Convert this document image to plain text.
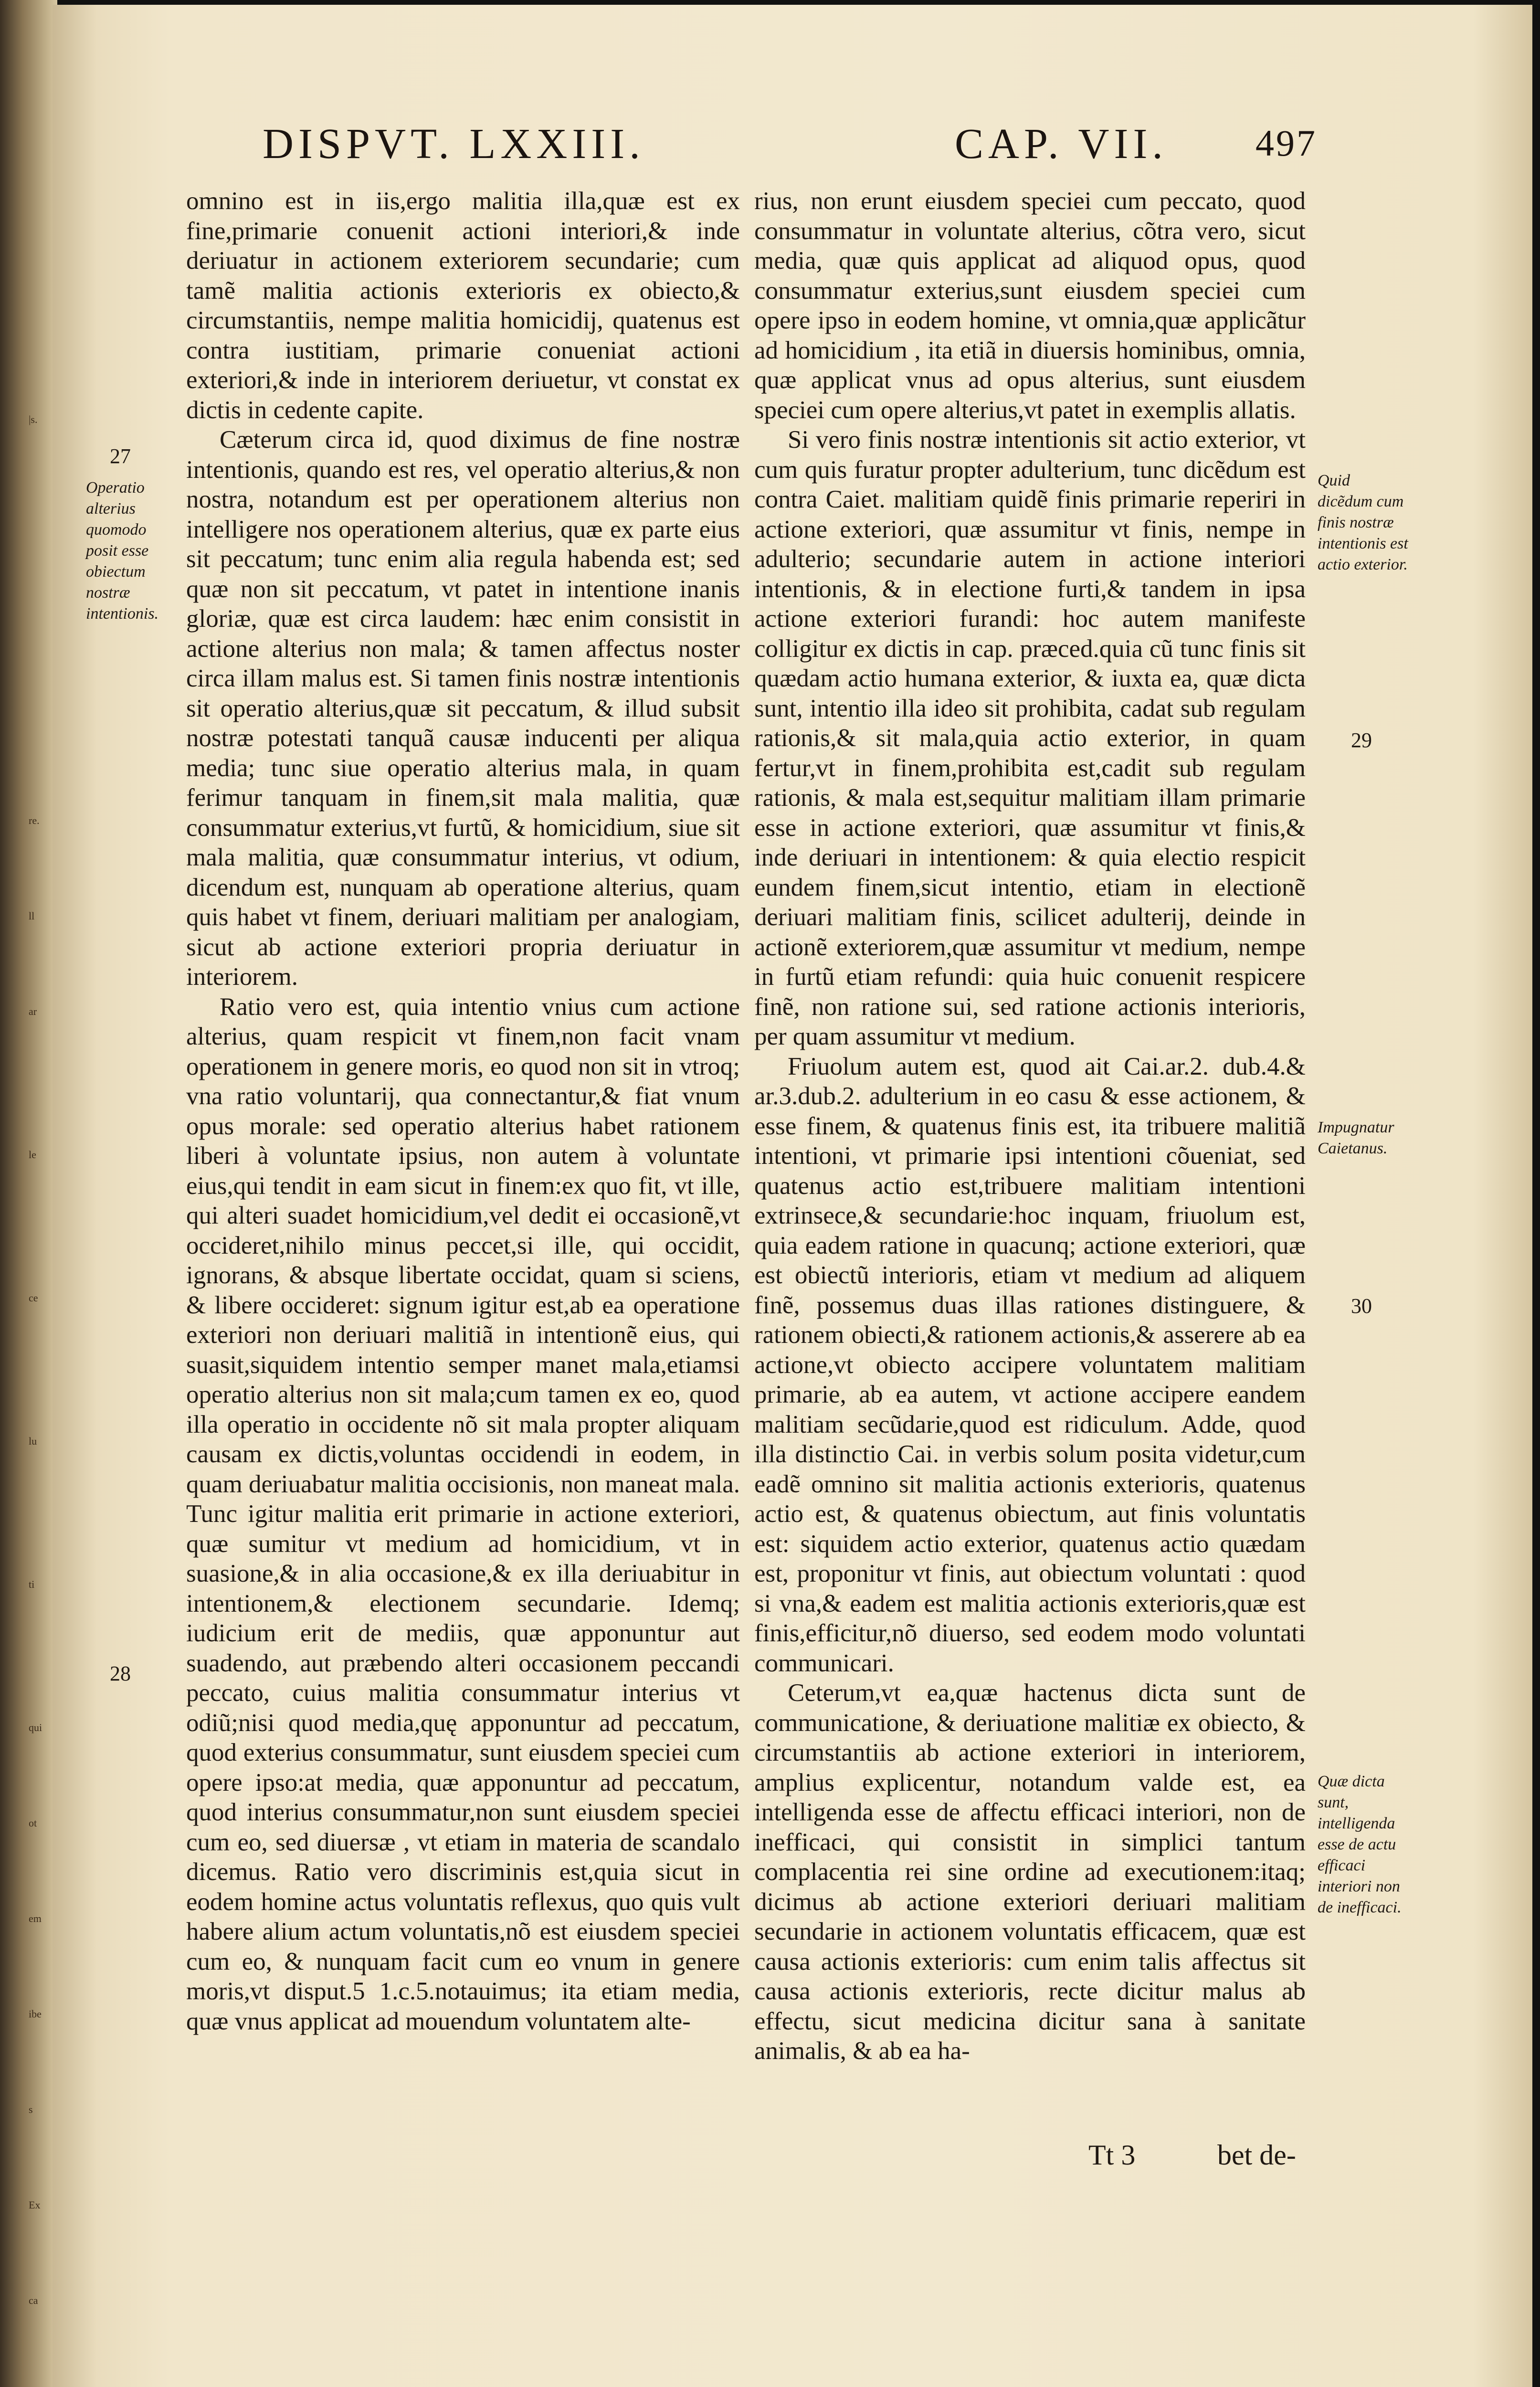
|s.
re.
ll
ar
le
ce
lu
ti
qui
ot
em
ibe
s
Ex
ca
DISPVT. LXXIII.	CAP. VII. 497

omnino est in iis,ergo malitia illa,quæ est ex fine,primarie conuenit actioni interiori,& inde deriuatur in actionem exteriorem secundarie; cum tamẽ malitia actionis exterioris ex obiecto,& circumstantiis, nempe malitia homicidij, quatenus est contra iustitiam, primarie conueniat actioni exteriori,& inde in interiorem deriuetur, vt constat ex dictis in cedente capite.

Cæterum circa id, quod diximus de fine nostræ intentionis, quando est res, vel operatio alterius,& non nostra, notandum est per operationem alterius non intelligere nos operationem alterius, quæ ex parte eius sit peccatum; tunc enim alia regula habenda est; sed quæ non sit peccatum, vt patet in intentione inanis gloriæ, quæ est circa laudem: hæc enim consistit in actione alterius non mala; & tamen affectus noster circa illam malus est. Si tamen finis nostræ intentionis sit operatio alterius,quæ sit peccatum, & illud subsit nostræ potestati tanquã causæ inducenti per aliqua media; tunc siue operatio alterius mala, in quam ferimur tanquam in finem,sit mala malitia, quæ consummatur exterius,vt furtũ, & homicidium, siue sit mala malitia, quæ consummatur interius, vt odium, dicendum est, nunquam ab operatione alterius, quam quis habet vt finem, deriuari malitiam per analogiam, sicut ab actione exteriori propria deriuatur in interiorem.

Ratio vero est, quia intentio vnius cum actione alterius, quam respicit vt finem,non facit vnam operationem in genere moris, eo quod non sit in vtroq; vna ratio voluntarij, qua connectantur,& fiat vnum opus morale: sed operatio alterius habet rationem liberi à voluntate ipsius, non autem à voluntate eius,qui tendit in eam sicut in finem:ex quo fit, vt ille, qui alteri suadet homicidium,vel dedit ei occasionẽ,vt occideret,nihilo minus peccet,si ille, qui occidit, ignorans, & absque libertate occidat, quam si sciens, & libere occideret: signum igitur est,ab ea operatione exteriori non deriuari malitiã in intentionẽ eius, qui suasit,siquidem intentio semper manet mala,etiamsi operatio alterius non sit mala;cum tamen ex eo, quod illa operatio in occidente nõ sit mala propter aliquam causam ex dictis,voluntas occidendi in eodem, in quam deriuabatur malitia occisionis, non maneat mala. Tunc igitur malitia erit primarie in actione exteriori, quæ sumitur vt medium ad homicidium, vt in suasione,& in alia occasione,& ex illa deriuabitur in intentionem,& electionem secundarie. Idemq; iudicium erit de mediis, quæ apponuntur aut suadendo, aut præbendo alteri occasionem peccandi peccato, cuius malitia consummatur interius vt odiũ;nisi quod media,quę apponuntur ad peccatum, quod exterius consummatur, sunt eiusdem speciei cum opere ipso:at media, quæ apponuntur ad peccatum, quod interius consummatur,non sunt eiusdem speciei cum eo, sed diuersæ , vt etiam in materia de scandalo dicemus. Ratio vero discriminis est,quia sicut in eodem homine actus voluntatis reflexus, quo quis vult habere alium actum voluntatis,nõ est eiusdem speciei cum eo, & nunquam facit cum eo vnum in genere moris,vt disput.5 1.c.5.notauimus; ita etiam media, quæ vnus applicat ad mouendum voluntatem alte-

rius, non erunt eiusdem speciei cum peccato, quod consummatur in voluntate alterius, cõtra vero, sicut media, quæ quis applicat ad aliquod opus, quod consummatur exterius,sunt eiusdem speciei cum opere ipso in eodem homine, vt omnia,quæ applicãtur ad homicidium , ita etiã in diuersis hominibus, omnia, quæ applicat vnus ad opus alterius, sunt eiusdem speciei cum opere alterius,vt patet in exemplis allatis.

Si vero finis nostræ intentionis sit actio exterior, vt cum quis furatur propter adulterium, tunc dicẽdum est contra Caiet. malitiam quidẽ finis primarie reperiri in actione exteriori, quæ assumitur vt finis, nempe in adulterio; secundarie autem in actione interiori intentionis, & in electione furti,& tandem in ipsa actione exteriori furandi: hoc autem manifeste colligitur ex dictis in cap. præced.quia cũ tunc finis sit quædam actio humana exterior, & iuxta ea, quæ dicta sunt, intentio illa ideo sit prohibita, cadat sub regulam rationis,& sit mala,quia actio exterior, in quam fertur,vt in finem,prohibita est,cadit sub regulam rationis, & mala est,sequitur malitiam illam primarie esse in actione exteriori, quæ assumitur vt finis,& inde deriuari in intentionem: & quia electio respicit eundem finem,sicut intentio, etiam in electionẽ deriuari malitiam finis, scilicet adulterij, deinde in actionẽ exteriorem,quæ assumitur vt medium, nempe in furtũ etiam refundi: quia huic conuenit respicere finẽ, non ratione sui, sed ratione actionis interioris, per quam assumitur vt medium.

Friuolum autem est, quod ait Cai.ar.2. dub.4.& ar.3.dub.2. adulterium in eo casu & esse actionem, & esse finem, & quatenus finis est, ita tribuere malitiã intentioni, vt primarie ipsi intentioni cõueniat, sed quatenus actio est,tribuere malitiam intentioni extrinsece,& secundarie:hoc inquam, friuolum est, quia eadem ratione in quacunq; actione exteriori, quæ est obiectũ interioris, etiam vt medium ad aliquem finẽ, possemus duas illas rationes distinguere, & rationem obiecti,& rationem actionis,& asserere ab ea actione,vt obiecto accipere voluntatem malitiam primarie, ab ea autem, vt actione accipere eandem malitiam secũdarie,quod est ridiculum. Adde, quod illa distinctio Cai. in verbis solum posita videtur,cum eadẽ omnino sit malitia actionis exterioris, quatenus actio est, & quatenus obiectum, aut finis voluntatis est: siquidem actio exterior, quatenus actio quædam est, proponitur vt finis, aut obiectum voluntati : quod si vna,& eadem est malitia actionis exterioris,quæ est finis,efficitur,nõ diuerso, sed eodem modo voluntati communicari.

Ceterum,vt ea,quæ hactenus dicta sunt de communicatione, & deriuatione malitiæ ex obiecto, & circumstantiis ab actione exteriori in interiorem, amplius explicentur, notandum valde est, ea intelligenda esse de affectu efficaci interiori, non de inefficaci, qui consistit in simplici tantum complacentia rei sine ordine ad executionem:itaq; dicimus ab actione exteriori deriuari malitiam secundarie in actionem voluntatis efficacem, quæ est causa actionis exterioris: cum enim talis affectus sit causa actionis exterioris, recte dicitur malus ab effectu, sicut medicina dicitur sana à sanitate animalis, & ab ea ha-

27
Operatio alterius quomodo posit esse obiectum nostræ intentionis.
28
Quid dicẽdum cum finis nostræ intentionis est actio exterior.
29
Impugnatur Caietanus.
30
Quæ dicta sunt, intelligenda esse de actu efficaci interiori non de inefficaci.
Tt 3	bet de-
